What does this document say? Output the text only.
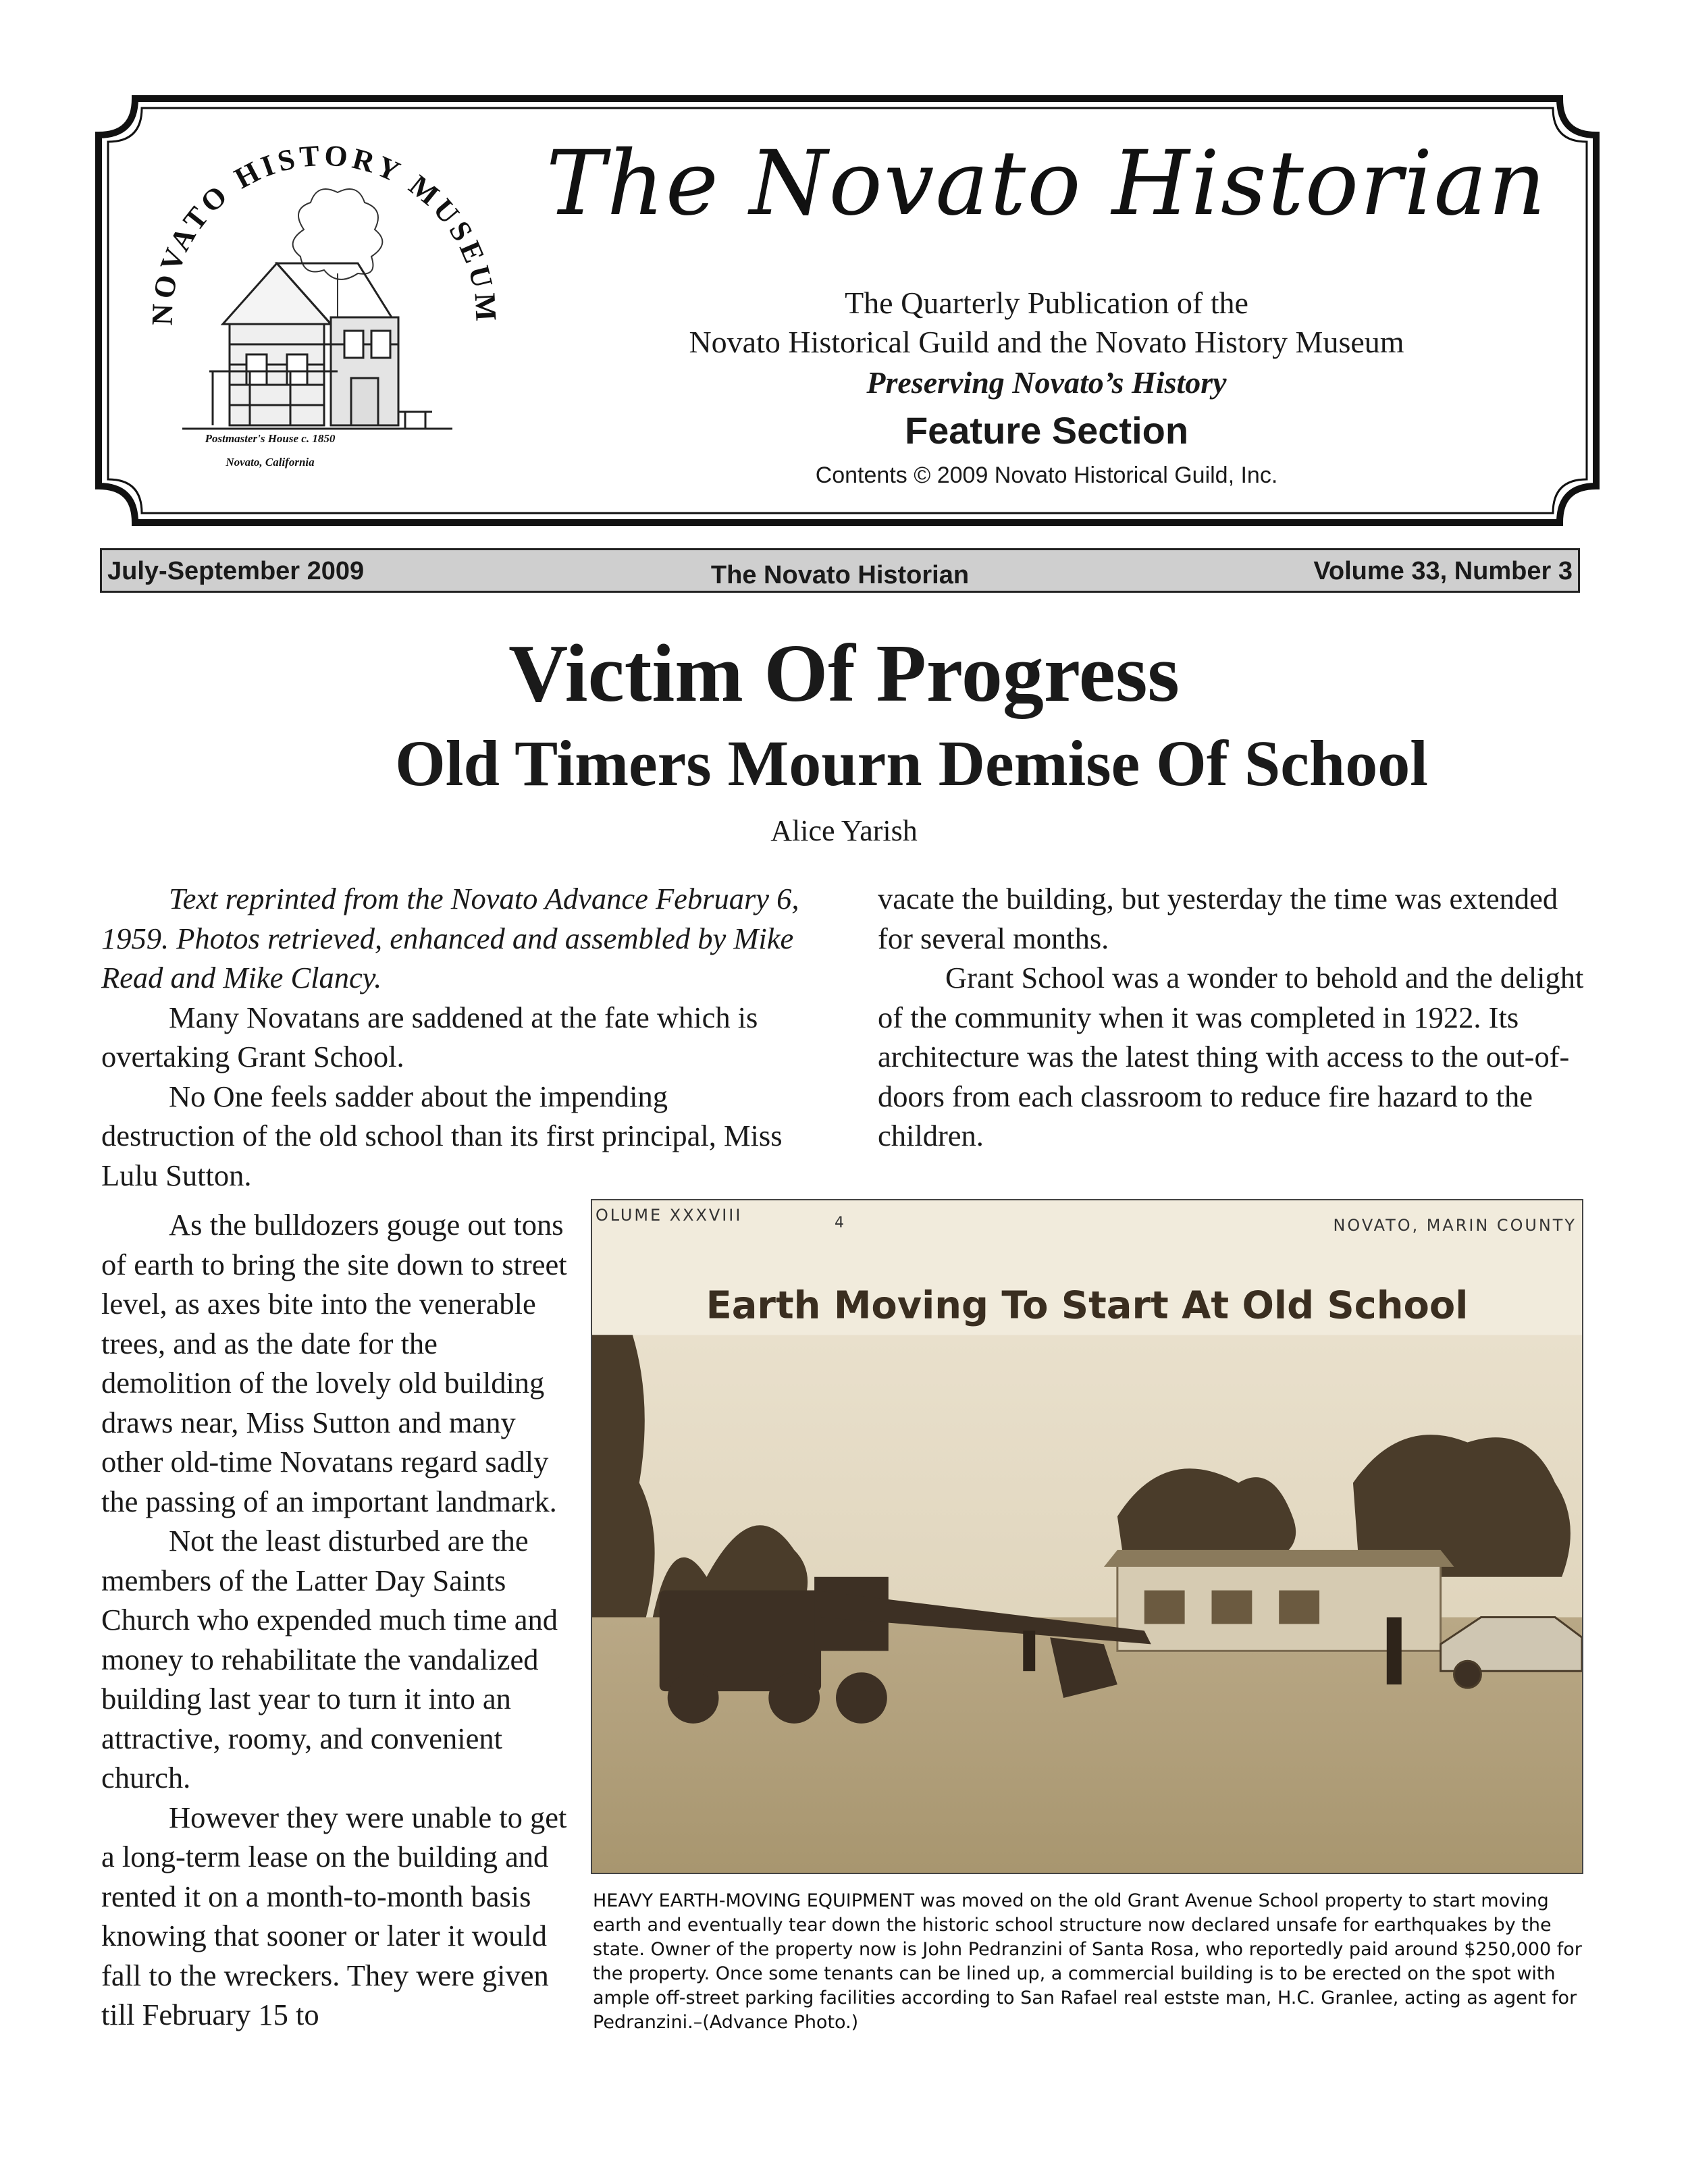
NOVATO HISTORY MUSEUM
Postmaster's House c. 1850
Novato, California
The Novato Historian
The Quarterly Publication of the
Novato Historical Guild and the Novato History Museum
Preserving Novato’s History
Feature Section
Contents © 2009 Novato Historical Guild, Inc.
July-September 2009	The Novato Historian	Volume 33, Number 3
Victim Of Progress
Old Timers Mourn Demise Of School
Alice Yarish

Text reprinted from the Novato Advance February 6, 1959. Photos retrieved, enhanced and assembled by Mike Read and Mike Clancy.

Many Novatans are saddened at the fate which is overtaking Grant School.

No One feels sadder about the impending destruction of the old school than its first principal, Miss Lulu Sutton.

As the bulldozers gouge out tons of earth to bring the site down to street level, as axes bite into the venerable trees, and as the date for the demolition of the lovely old building draws near, Miss Sutton and many other old-time Novatans regard sadly the passing of an important landmark.

Not the least disturbed are the members of the Latter Day Saints Church who expended much time and money to rehabilitate the vandalized building last year to turn it into an attractive, roomy, and convenient church.

However they were unable to get a long-term lease on the building and rented it on a month-to-month basis knowing that sooner or later it would fall to the wreckers. They were given till February 15 to

vacate the building, but yesterday the time was extended for several months.

Grant School was a wonder to behold and the delight of the community when it was completed in 1922. Its architecture was the latest thing with access to the out-of-doors from each classroom to reduce fire hazard to the children.

OLUME XXXVIII	4	NOVATO, MARIN COUNTY
Earth Moving To Start At Old School
HEAVY EARTH-MOVING EQUIPMENT was moved on the old Grant Avenue School property to start moving earth and eventually tear down the historic school structure now declared unsafe for earthquakes by the state. Owner of the property now is John Pedranzini of Santa Rosa, who reportedly paid around $250,000 for the property. Once some tenants can be lined up, a commercial building is to be erected on the spot with ample off-street parking facilities according to San Rafael real estste man, H.C. Granlee, acting as agent for Pedranzini.–(Advance Photo.)
